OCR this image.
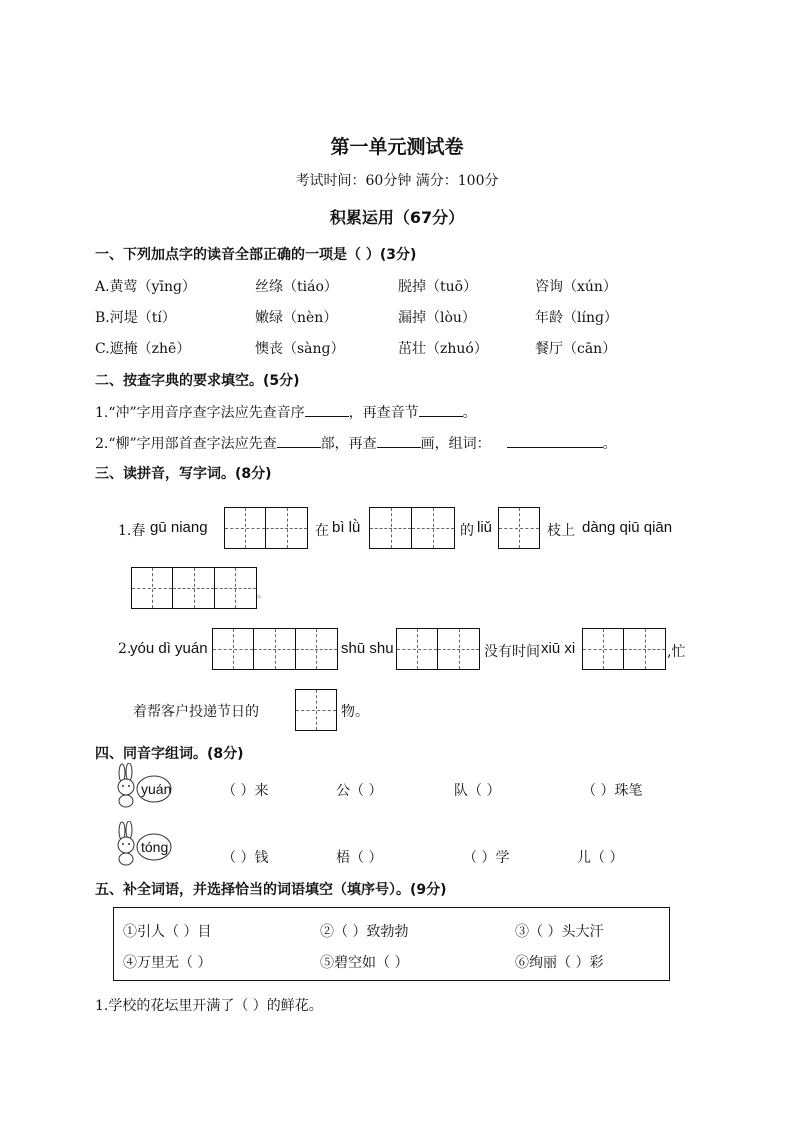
第一单元测试卷
考试时间：60分钟 满分：100分
积累运用（67分）
一、下列加点字的读音全部正确的一项是（ ）(3分)
A.黄莺（yīnɡ）	丝绦（tiáo）	脱掉（tuō）	咨询（xún）
B.河堤（tí）	嫩绿（nèn）	漏掉（lòu）	年龄（línɡ）
C.遮掩（zhē）	懊丧（sànɡ）	茁壮（zhuó）	餐厅（cān）
二、按查字典的要求填空。(5分)
1.“冲”字用音序查字法应先查音序	，再查音节	。
2.“柳”字用部首查字法应先查	部，再查	画，组词：	。
三、读拼音，写字词。(8分)
1.春 gū niang	在 bì lǜ	的 liǔ	枝上 dàng qiū qiān
。
2.
yóu dì yuán	shū shu	没有时间 xiū xi	,忙
着帮客户投递节日的	物。
四、同音字组词。(8分)
yuán
tóng
（ ）来	公（ ）	队（ ）	（ ）珠笔
（ ）钱	梧（ ）	（ ）学	儿（ ）
五、补全词语，并选择恰当的词语填空（填序号）。(9分)
①引人（ ）目	②（ ）致勃勃	③（ ）头大汗
④万里无（ ）	⑤碧空如（ ）	⑥绚丽（ ）彩
1.学校的花坛里开满了（ ）的鲜花。
